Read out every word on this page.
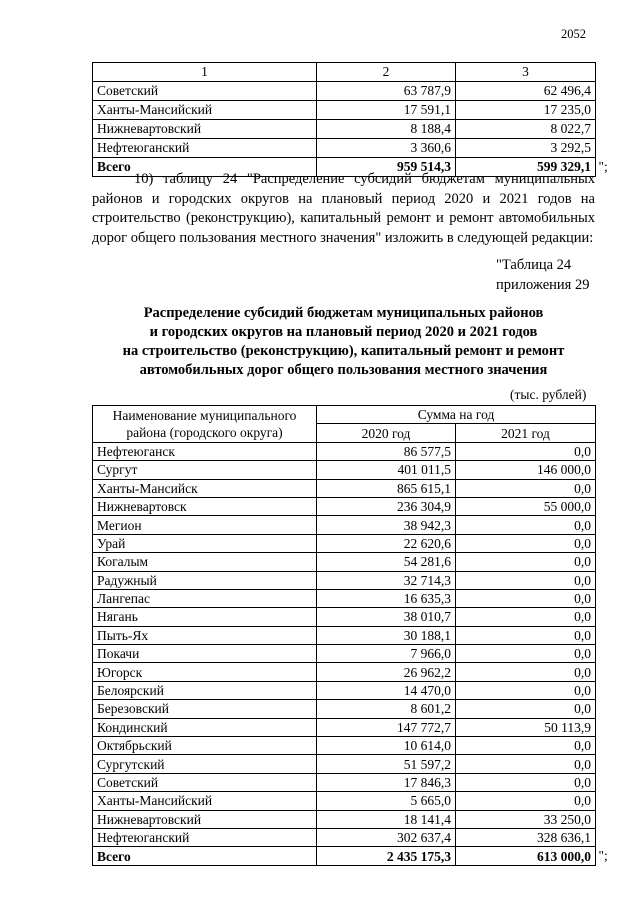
2052
1	2	3
Советский	63 787,9	62 496,4
Ханты-Мансийский	17 591,1	17 235,0
Нижневартовский	8 188,4	8 022,7
Нефтеюганский	3 360,6	3 292,5
Всего	959 514,3	599 329,1 ";
10) таблицу 24 "Распределение субсидий бюджетам муниципальных районов и городских округов на плановый период 2020 и 2021 годов на строительство (реконструкцию), капитальный ремонт и ремонт автомобильных дорог общего пользования местного значения" изложить в следующей редакции:
"Таблица 24
приложения 29
Распределение субсидий бюджетам муниципальных районов
и городских округов на плановый период 2020 и 2021 годов
на строительство (реконструкцию), капитальный ремонт и ремонт
автомобильных дорог общего пользования местного значения
(тыс. рублей)
Наименование муниципального
района (городского округа)	Сумма на год	
	2020 год	2021 год
Нефтеюганск	86 577,5	0,0
Сургут	401 011,5	146 000,0
Ханты-Мансийск	865 615,1	0,0
Нижневартовск	236 304,9	55 000,0
Мегион	38 942,3	0,0
Урай	22 620,6	0,0
Когалым	54 281,6	0,0
Радужный	32 714,3	0,0
Лангепас	16 635,3	0,0
Нягань	38 010,7	0,0
Пыть-Ях	30 188,1	0,0
Покачи	7 966,0	0,0
Югорск	26 962,2	0,0
Белоярский	14 470,0	0,0
Березовский	8 601,2	0,0
Кондинский	147 772,7	50 113,9
Октябрьский	10 614,0	0,0
Сургутский	51 597,2	0,0
Советский	17 846,3	0,0
Ханты-Мансийский	5 665,0	0,0
Нижневартовский	18 141,4	33 250,0
Нефтеюганский	302 637,4	328 636,1
Всего	2 435 175,3	613 000,0 ";
